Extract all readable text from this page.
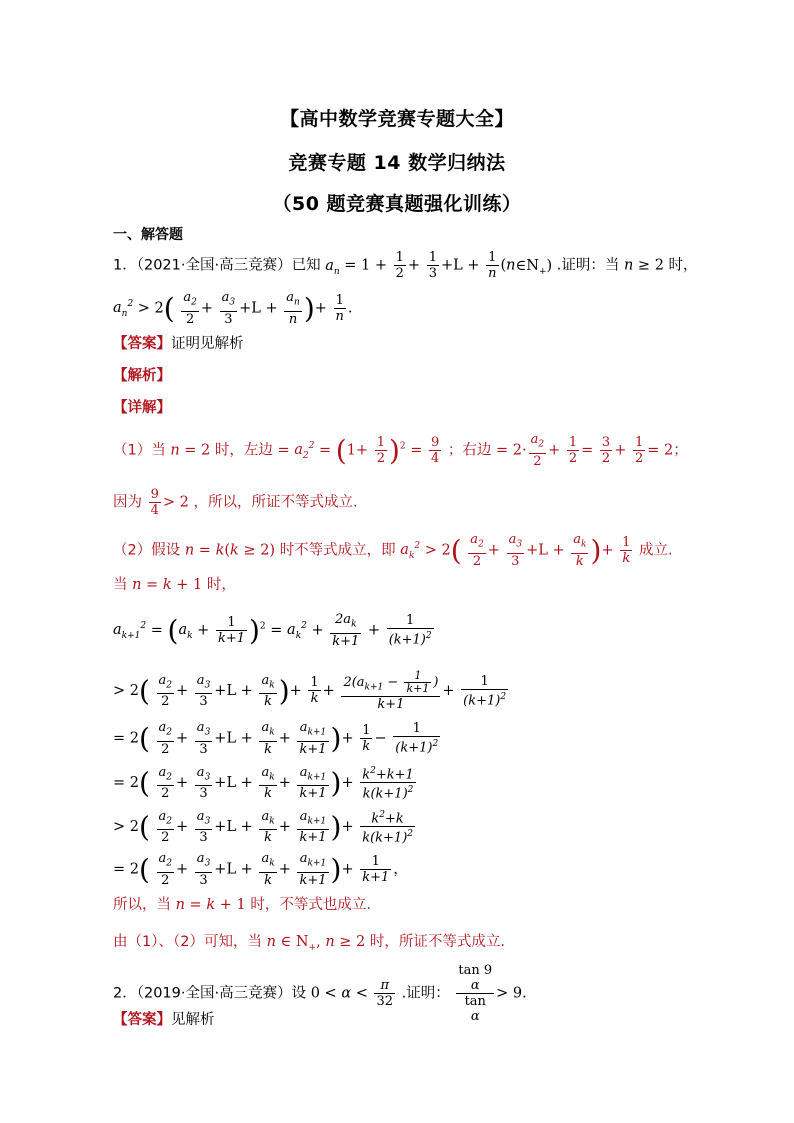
【高中数学竞赛专题大全】
竞赛专题 14 数学归纳法
（50 题竞赛真题强化训练）
一、解答题
1．（2021·全国·高三竞赛）已知 $a_n = 1 + \frac{1}{2} + \frac{1}{3} +L + \frac{1}{n}$ $(n\in N_+)$ .证明：当 n ≥ 2 时，
$a_n^2 > 2( \frac{a_2}{2} + \frac{a_3}{3} +L + \frac{a_n}{n}$ )+ $\frac{1}{n}$ .
【答案】证明见解析
【解析】
【详解】
（1）当 n = 2 时，左边 = $a_2^2 = (1+ \frac{1}{2} )^2 = \frac{9}{4}$ ；右边 = $2\cdot \frac{a_2}{2} + \frac{1}{2} = \frac{3}{2} + \frac{1}{2} = 2$；
因为 $\frac{9}{4} > 2$ ，所以，所证不等式成立.
（2）假设 n = k(k ≥ 2) 时不等式成立，即 $a_k^2 > 2( \frac{a_2}{2} + \frac{a_3}{3} +L + \frac{a_k}{k}$ )+ $\frac{1}{k}$ 成立.
当 n = k + 1 时，
$a_{k+1}^2 = (a_k + \frac{1}{k+1} )^2 = a_k^2 + \frac{2a_k}{k+1} + \frac{1}{(k+1)^2}$
> $2( \frac{a_2}{2} + \frac{a_3}{3} +L + \frac{a_k}{k}$ )+ $\frac{1}{k} + \frac{2(a_{k+1} - \frac{1}{k+1} )}{k+1} + \frac{1}{(k+1)^2}$
= $2( \frac{a_2}{2} + \frac{a_3}{3} +L + \frac{a_k}{k} + \frac{a_{k+1}}{k+1}$ )+ $\frac{1}{k} - \frac{1}{(k+1)^2}$
= $2( \frac{a_2}{2} + \frac{a_3}{3} +L + \frac{a_k}{k} + \frac{a_{k+1}}{k+1}$ )+ $\frac{k^2+k+1}{k(k+1)^2}$
> $2( \frac{a_2}{2} + \frac{a_3}{3} +L + \frac{a_k}{k} + \frac{a_{k+1}}{k+1}$ )+ $\frac{k^2+k}{k(k+1)^2}$
= $2( \frac{a_2}{2} + \frac{a_3}{3} +L + \frac{a_k}{k} + \frac{a_{k+1}}{k+1}$ )+ $\frac{1}{k+1}$ ，
所以，当 n = k + 1 时，不等式也成立.
由（1）、（2）可知，当 n ∈ $N_+$, n ≥ 2 时，所证不等式成立.
2．（2019·全国·高三竞赛）设 $0 < \alpha < \frac{\pi}{32}$ .证明： tan 9
α
tan
α > 9.
【答案】见解析
